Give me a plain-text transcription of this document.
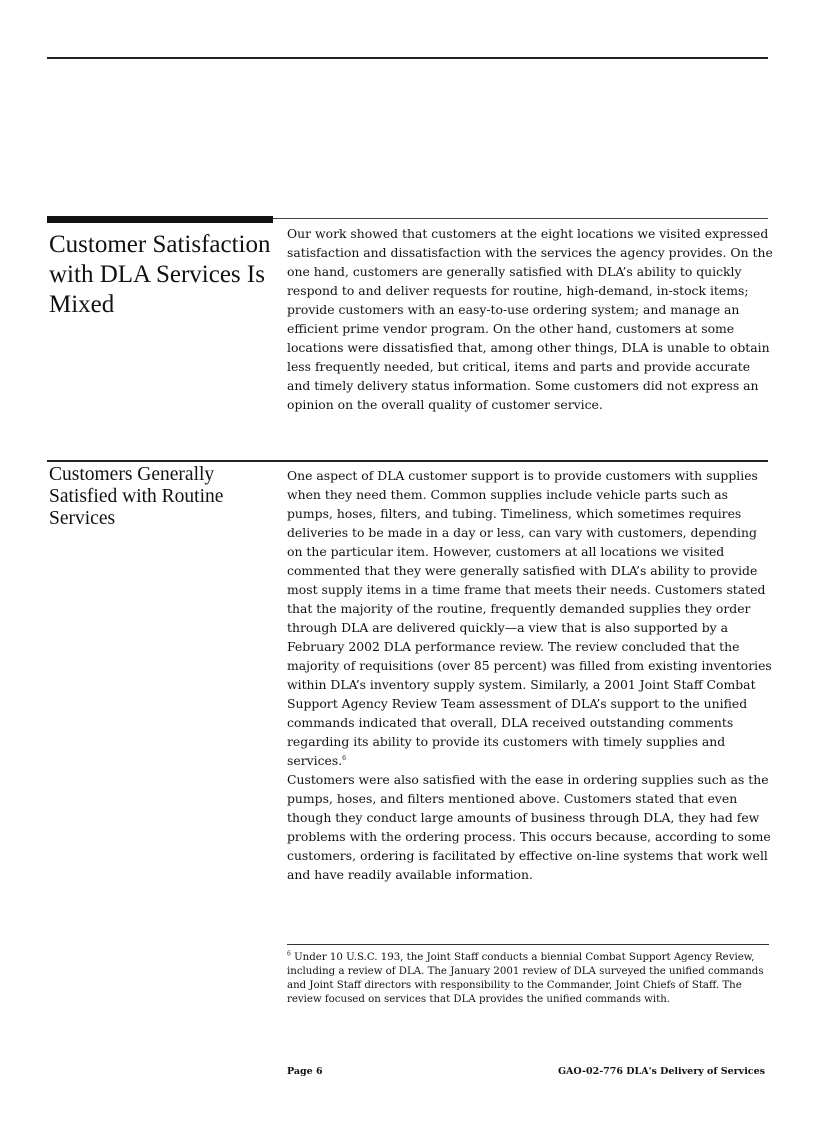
Customer Satisfaction with DLA Services Is Mixed

Our work showed that customers at the eight locations we visited expressed satisfaction and dissatisfaction with the services the agency provides. On the one hand, customers are generally satisfied with DLA’s ability to quickly respond to and deliver requests for routine, high-demand, in-stock items; provide customers with an easy-to-use ordering system; and manage an efficient prime vendor program. On the other hand, customers at some locations were dissatisfied that, among other things, DLA is unable to obtain less frequently needed, but critical, items and parts and provide accurate and timely delivery status information. Some customers did not express an opinion on the overall quality of customer service.

Customers Generally Satisfied with Routine Services

One aspect of DLA customer support is to provide customers with supplies when they need them. Common supplies include vehicle parts such as pumps, hoses, filters, and tubing. Timeliness, which sometimes requires deliveries to be made in a day or less, can vary with customers, depending on the particular item. However, customers at all locations we visited commented that they were generally satisfied with DLA’s ability to provide most supply items in a time frame that meets their needs. Customers stated that the majority of the routine, frequently demanded supplies they order through DLA are delivered quickly—a view that is also supported by a February 2002 DLA performance review. The review concluded that the majority of requisitions (over 85 percent) was filled from existing inventories within DLA’s inventory supply system. Similarly, a 2001 Joint Staff Combat Support Agency Review Team assessment of DLA’s support to the unified commands indicated that overall, DLA received outstanding comments regarding its ability to provide its customers with timely supplies and services.$^6$

Customers were also satisfied with the ease in ordering supplies such as the pumps, hoses, and filters mentioned above. Customers stated that even though they conduct large amounts of business through DLA, they had few problems with the ordering process. This occurs because, according to some customers, ordering is facilitated by effective on-line systems that work well and have readily available information.

$^6$ Under 10 U.S.C. 193, the Joint Staff conducts a biennial Combat Support Agency Review, including a review of DLA. The January 2001 review of DLA surveyed the unified commands and Joint Staff directors with responsibility to the Commander, Joint Chiefs of Staff. The review focused on services that DLA provides the unified commands with.

Page 6	GAO-02-776 DLA's Delivery of Services
